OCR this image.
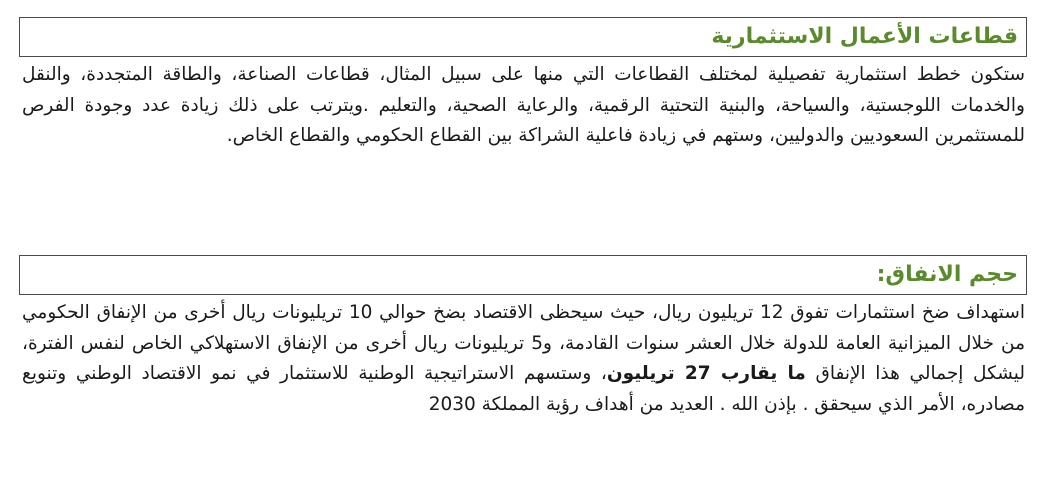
قطاعات الأعمال الاستثمارية

ستكون خطط استثمارية تفصيلية لمختلف القطاعات التي منها على سبيل المثال، قطاعات الصناعة، والطاقة المتجددة، والنقل والخدمات اللوجستية، والسياحة، والبنية التحتية الرقمية، والرعاية الصحية، والتعليم .ويترتب على ذلك زيادة عدد وجودة الفرص للمستثمرين السعوديين والدوليين، وستهم في زيادة فاعلية الشراكة بين القطاع الحكومي والقطاع الخاص.

حجم الانفاق:

استهداف ضخ استثمارات تفوق 12 تريليون ريال، حيث سيحظى الاقتصاد بضخ حوالي 10 تريليونات ريال أخرى من الإنفاق الحكومي من خلال الميزانية العامة للدولة خلال العشر سنوات القادمة، و5 تريليونات ريال أخرى من الإنفاق الاستهلاكي الخاص لنفس الفترة، ليشكل إجمالي هذا الإنفاق ما يقارب 27 تريليون، وستسهم الاستراتيجية الوطنية للاستثمار في نمو الاقتصاد الوطني وتنويع مصادره، الأمر الذي سيحقق . بإذن الله . العديد من أهداف رؤية المملكة 2030
